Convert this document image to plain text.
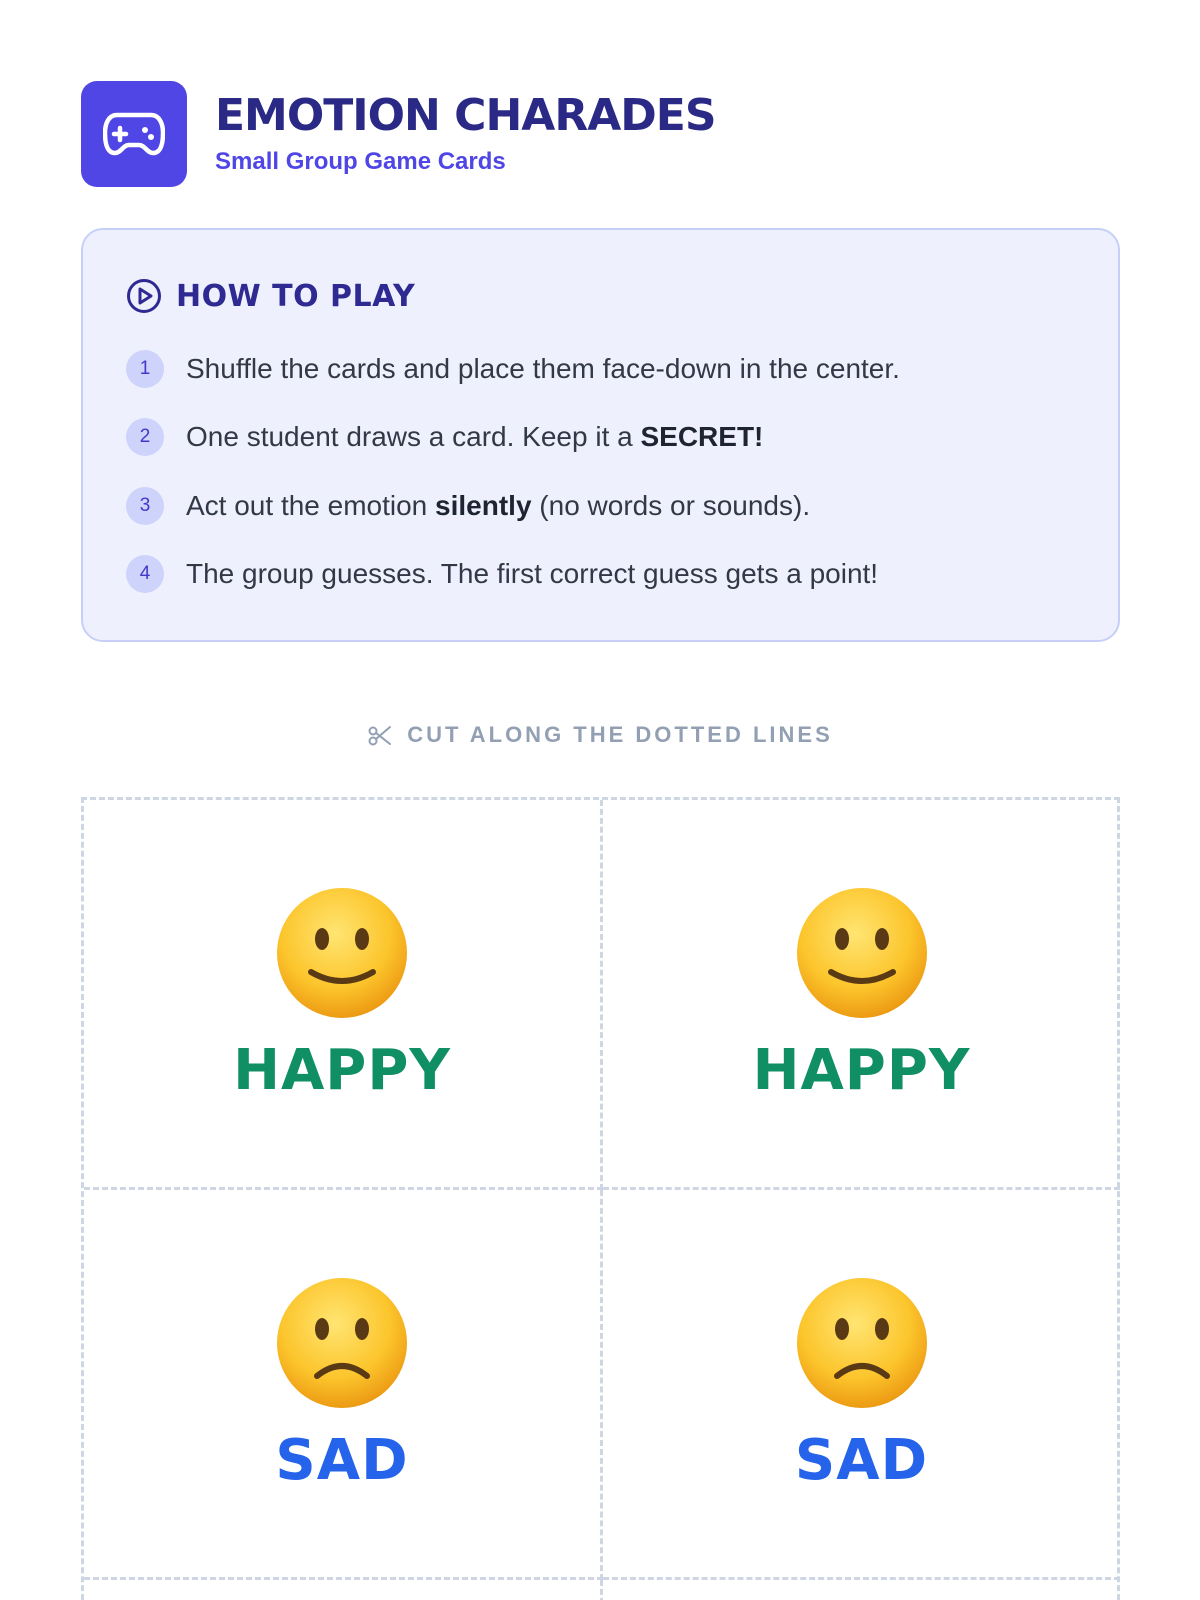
EMOTION CHARADES
Small Group Game Cards
HOW TO PLAY
1	Shuffle the cards and place them face-down in the center.
2	One student draws a card. Keep it a SECRET!
3	Act out the emotion silently (no words or sounds).
4	The group guesses. The first correct guess gets a point!
CUT ALONG THE DOTTED LINES
HAPPY	HAPPY
SAD	SAD
